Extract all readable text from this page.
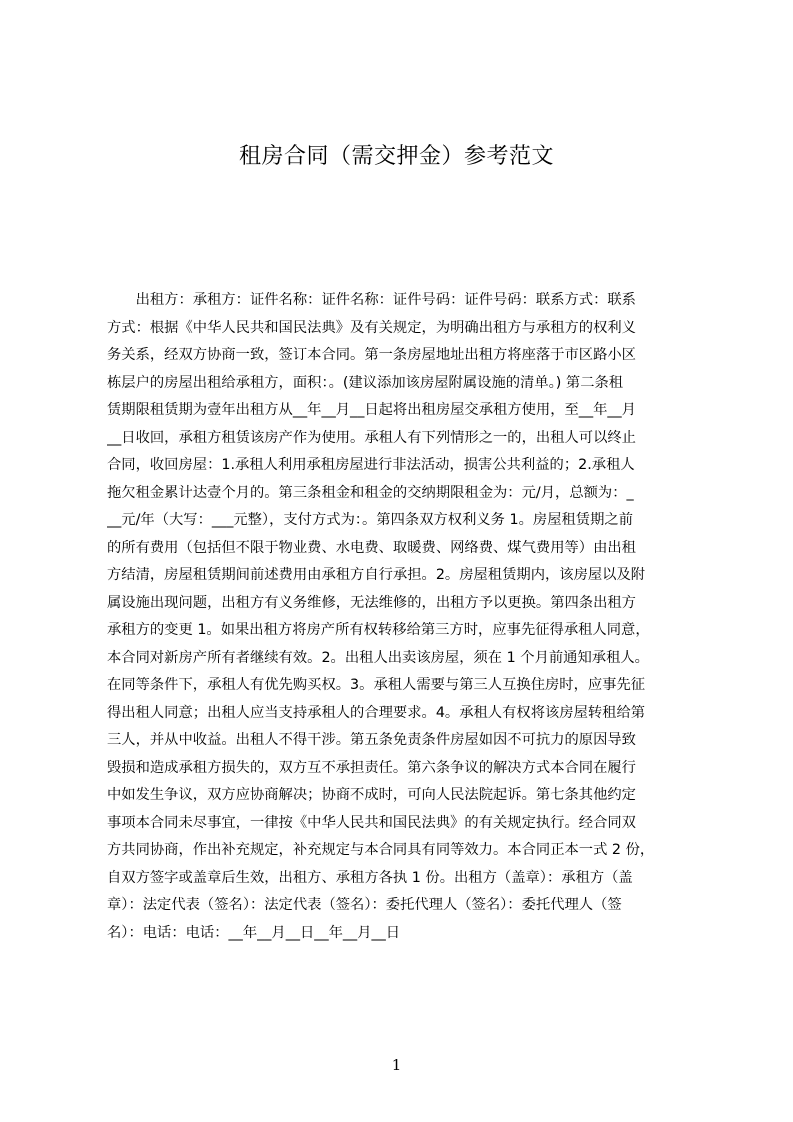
租房合同（需交押金）参考范文
　　出租方：承租方：证件名称：证件名称：证件号码：证件号码：联系方式：联系
方式：根据《中华人民共和国民法典》及有关规定，为明确出租方与承租方的权利义
务关系，经双方协商一致，签订本合同。第一条房屋地址出租方将座落于市区路小区
栋层户的房屋出租给承租方，面积：。(建议添加该房屋附属设施的清单。) 第二条租
赁期限租赁期为壹年出租方从__年__月__日起将出租房屋交承租方使用，至__年__月
__日收回，承租方租赁该房产作为使用。承租人有下列情形之一的，出租人可以终止
合同，收回房屋：1.承租人利用承租房屋进行非法活动，损害公共利益的；2.承租人
拖欠租金累计达壹个月的。第三条租金和租金的交纳期限租金为：元/月，总额为：_
__元/年（大写：___元整），支付方式为：。第四条双方权利义务 1。房屋租赁期之前
的所有费用（包括但不限于物业费、水电费、取暖费、网络费、煤气费用等）由出租
方结清，房屋租赁期间前述费用由承租方自行承担。2。房屋租赁期内，该房屋以及附
属设施出现问题，出租方有义务维修，无法维修的，出租方予以更换。第四条出租方
承租方的变更 1。如果出租方将房产所有权转移给第三方时，应事先征得承租人同意，
本合同对新房产所有者继续有效。2。出租人出卖该房屋，须在 1 个月前通知承租人。
在同等条件下，承租人有优先购买权。3。承租人需要与第三人互换住房时，应事先征
得出租人同意；出租人应当支持承租人的合理要求。4。承租人有权将该房屋转租给第
三人，并从中收益。出租人不得干涉。第五条免责条件房屋如因不可抗力的原因导致
毁损和造成承租方损失的，双方互不承担责任。第六条争议的解决方式本合同在履行
中如发生争议，双方应协商解决；协商不成时，可向人民法院起诉。第七条其他约定
事项本合同未尽事宜，一律按《中华人民共和国民法典》的有关规定执行。经合同双
方共同协商，作出补充规定，补充规定与本合同具有同等效力。本合同正本一式 2 份，
自双方签字或盖章后生效，出租方、承租方各执 1 份。出租方（盖章）：承租方（盖
章）：法定代表（签名）：法定代表（签名）：委托代理人（签名）：委托代理人（签
名）：电话：电话：__年__月__日__年__月__日
1
